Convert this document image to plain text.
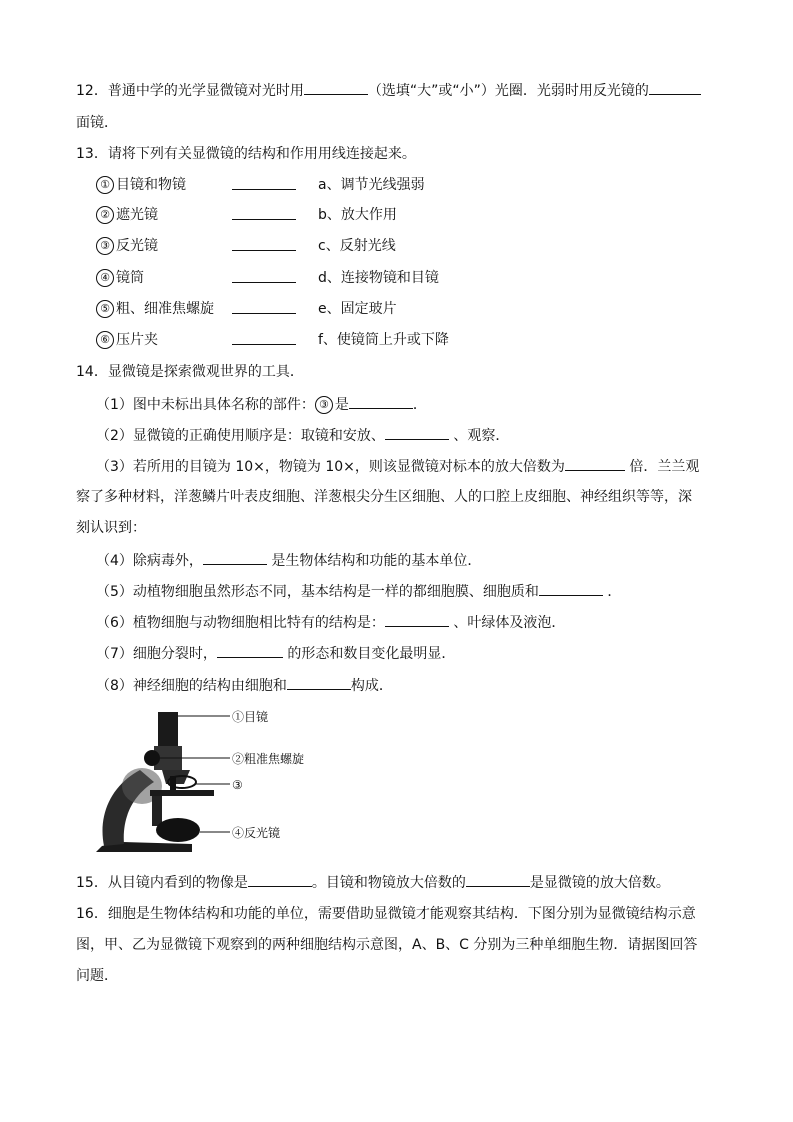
12．普通中学的光学显微镜对光时用	（选填“大”或“小”）光圈．光弱时用反光镜的
面镜．
13．请将下列有关显微镜的结构和作用用线连接起来。
① 目镜和物镜	a、调节光线强弱
② 遮光镜	b、放大作用
③ 反光镜	c、反射光线
④ 镜筒	d、连接物镜和目镜
⑤ 粗、细准焦螺旋	e、固定玻片
⑥ 压片夹	f、使镜筒上升或下降
14．显微镜是探索微观世界的工具．
（1）图中未标出具体名称的部件： ③ 是	．
（2）显微镜的正确使用顺序是：取镜和安放、	、观察．
（3）若所用的目镜为 10×，物镜为 10×，则该显微镜对标本的放大倍数为	倍．兰兰观
察了多种材料，洋葱鳞片叶表皮细胞、洋葱根尖分生区细胞、人的口腔上皮细胞、神经组织等等，深
刻认识到：
（4）除病毒外，	是生物体结构和功能的基本单位．
（5）动植物细胞虽然形态不同，基本结构是一样的都细胞膜、细胞质和	．
（6）植物细胞与动物细胞相比特有的结构是：	、叶绿体及液泡．
（7）细胞分裂时，	的形态和数目变化最明显．
（8）神经细胞的结构由细胞和	构成．
①目镜
②粗准焦螺旋
③
④反光镜
15．从目镜内看到的物像是	。目镜和物镜放大倍数的	是显微镜的放大倍数。
16．细胞是生物体结构和功能的单位，需要借助显微镜才能观察其结构．下图分别为显微镜结构示意
图，甲、乙为显微镜下观察到的两种细胞结构示意图，A、B、C 分别为三种单细胞生物．请据图回答
问题．
